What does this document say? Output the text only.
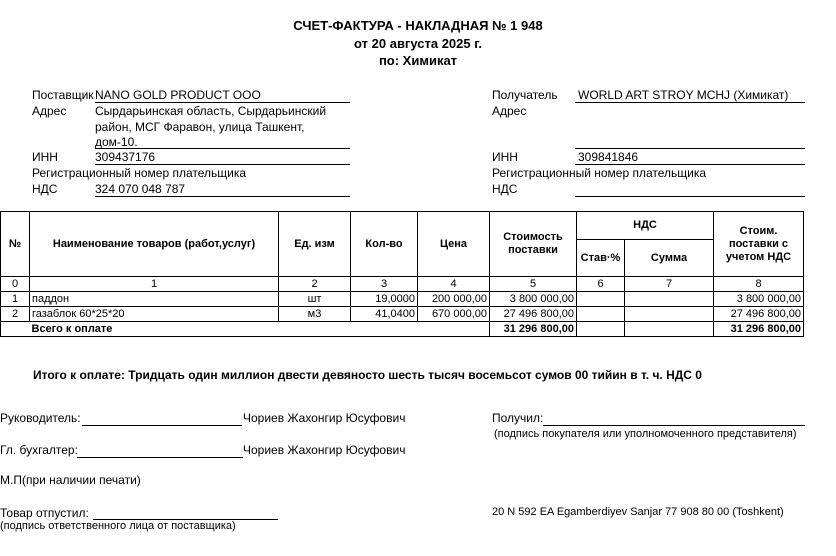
СЧЕТ-ФАКТУРА - НАКЛАДНАЯ № 1 948
от 20 августа 2025 г.
по: Химикат
Поставщик NANO GOLD PRODUCT OOO
Адрес Сырдарьинская область, Сырдарьинский
район, МСГ Фаравон, улица Ташкент,
дом-10.
ИНН	309437176
Регистрационный номер плательщика
НДС	324 070 048 787
Получатель WORLD ART STROY MCHJ (Химикат)
Адрес
ИНН	309841846
Регистрационный номер плательщика
НДС
№	Наименование товаров (работ,услуг)	Ед. изм	Кол-во	Цена	Стоимость поставки	НДС		Стоим. поставки с учетом НДС
						Став·%	Сумма	
0	1	2	3	4	5	6	7	8
1	паддон	шт	19,0000	200 000,00	3 800 000,00			3 800 000,00
2	газаблок 60*25*20	м3	41,0400	670 000,00	27 496 800,00			27 496 800,00
	Всего к оплате				31 296 800,00			31 296 800,00
Итого к оплате: Тридцать один миллион двести девяносто шесть тысяч восемьсот сумов 00 тийин в т. ч. НДС 0
Руководитель:	Чориев Жахонгир Юсуфович
Гл. бухгалтер:	Чориев Жахонгир Юсуфович
М.П(при наличии печати)
Товар отпустил:
(подпись ответственного лица от поставщика)
Получил:
(подпись покупателя или уполномоченного представителя)
20 N 592 EA Egamberdiyev Sanjar 77 908 80 00 (Toshkent)
